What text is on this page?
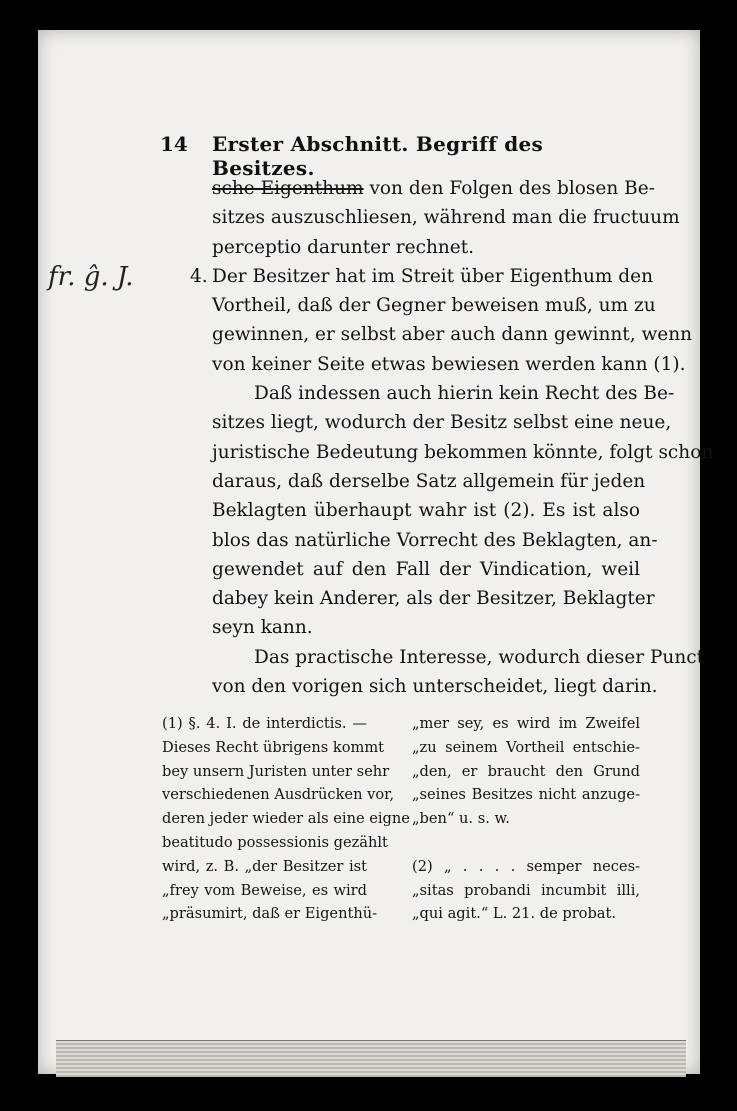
14 Erster Abschnitt. Begriff des Besitzes.
fr. ĝ. J.
sche Eigenthum von den Folgen des blosen Be-
sitzes auszuschliesen, während man die fructuum
perceptio darunter rechnet.
4. Der Besitzer hat im Streit über Eigenthum den
Vortheil, daß der Gegner beweisen muß, um zu
gewinnen, er selbst aber auch dann gewinnt, wenn
von keiner Seite etwas bewiesen werden kann (1).
Daß indessen auch hierin kein Recht des Be-
sitzes liegt, wodurch der Besitz selbst eine neue,
juristische Bedeutung bekommen könnte, folgt schon
daraus, daß derselbe Satz allgemein für jeden
Beklagten überhaupt wahr ist (2). Es ist also
blos das natürliche Vorrecht des Beklagten, an-
gewendet auf den Fall der Vindication, weil
dabey kein Anderer, als der Besitzer, Beklagter
seyn kann.
Das practische Interesse, wodurch dieser Punct
von den vorigen sich unterscheidet, liegt darin.
(1) §. 4. I. de interdictis. —
Dieses Recht übrigens kommt
bey unsern Juristen unter sehr
verschiedenen Ausdrücken vor,
deren jeder wieder als eine eigne
beatitudo possessionis gezählt
wird, z. B. „der Besitzer ist
„frey vom Beweise, es wird
„präsumirt, daß er Eigenthü-
„mer sey, es wird im Zweifel
„zu seinem Vortheil entschie-
„den, er braucht den Grund
„seines Besitzes nicht anzuge-
„ben“ u. s. w.
(2) „ . . . . semper neces-
„sitas probandi incumbit illi,
„qui agit.“ L. 21. de probat.
